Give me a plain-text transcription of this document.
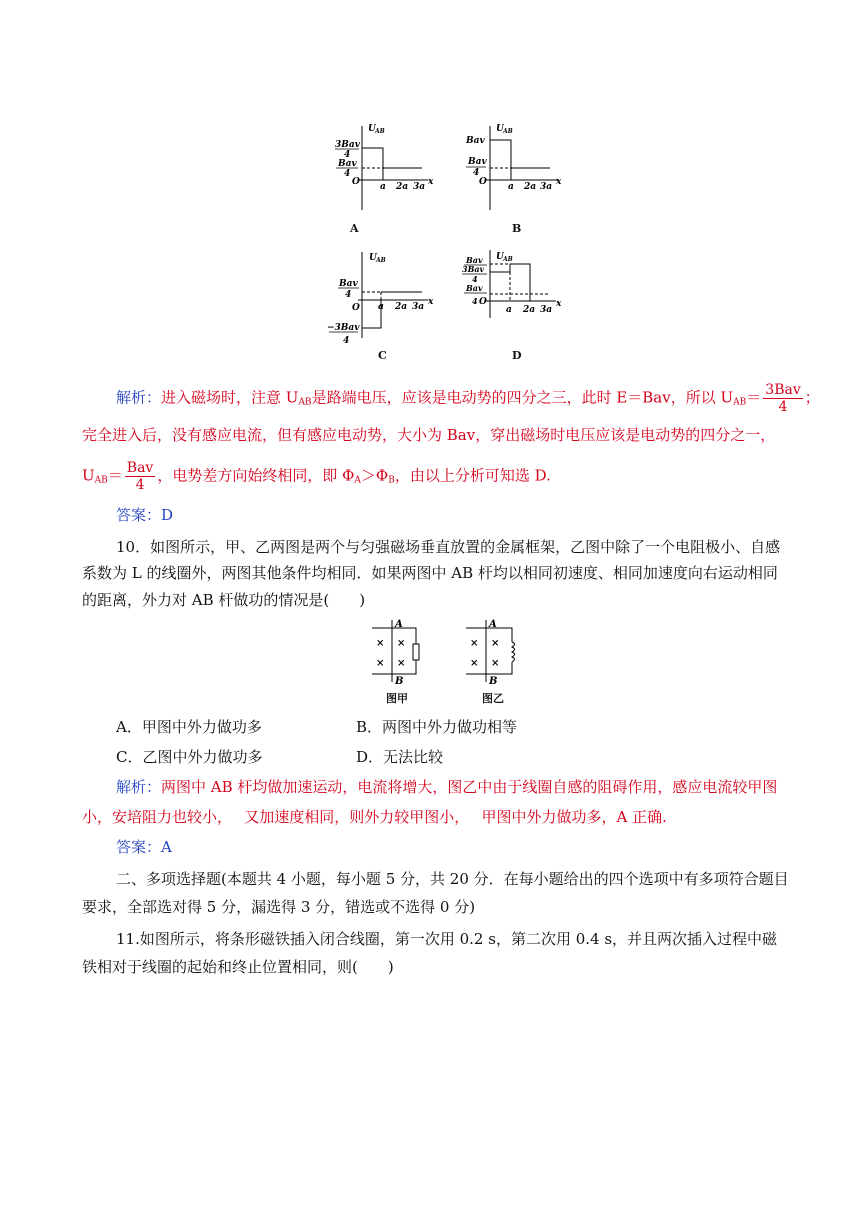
U AB
3Bav
4
Bav
4
O a 2a 3a x
A
U AB
Bav
Bav
4
O a 2a 3a x
B
U AB
Bav
4
O
−3Bav
4
a 2a 3a x
C
U AB
Bav
3Bav
4
Bav
4 O
a 2a 3a
x
D
解析：进入磁场时，注意 $U_{AB}$是路端电压，应该是电动势的四分之三，此时 E＝Bav，所以 $U_{AB}= \frac{\text{3Bav}}{4}$ ；
完全进入后，没有感应电流，但有感应电动势，大小为 Bav，穿出磁场时电压应该是电动势的四分之一，
$U_{AB}= \frac{\text{Bav}}{4}$ ，电势差方向始终相同，即 $\Phi_A>\Phi_B$，由以上分析可知选 D.
答案：D
10．如图所示，甲、乙两图是两个与匀强磁场垂直放置的金属框架，乙图中除了一个电阻极小、自感
系数为 L 的线圈外，两图其他条件均相同．如果两图中 AB 杆均以相同初速度、相同加速度向右运动相同
的距离，外力对 AB 杆做功的情况是(　　)
A
B
× ×
× ×
图甲
A
B
× ×
× ×
图乙
A．甲图中外力做功多	B．两图中外力做功相等
C．乙图中外力做功多	D．无法比较
解析：两图中 AB 杆均做加速运动，电流将增大，图乙中由于线圈自感的阻碍作用，感应电流较甲图
小，安培阻力也较小，　 又加速度相同，则外力较甲图小，　 甲图中外力做功多，A 正确.
答案：A
二、多项选择题(本题共 4 小题，每小题 5 分，共 20 分．在每小题给出的四个选项中有多项符合题目
要求，全部选对得 5 分，漏选得 3 分，错选或不选得 0 分)
11.如图所示，将条形磁铁插入闭合线圈，第一次用 0.2 s，第二次用 0.4 s，并且两次插入过程中磁
铁相对于线圈的起始和终止位置相同，则(　　)
